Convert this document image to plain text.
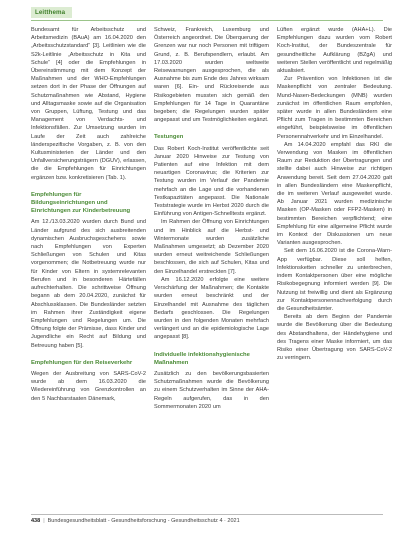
Leitthema

Bundesamt für Arbeitsschutz und Arbeitsmedizin (BAuA) am 16.04.2020 den „Arbeitsschutzstandard“ [3]. Leitlinien wie die S2k-Leitlinie „Arbeitsschutz in Kita und Schule“ [4] oder die Empfehlungen in Übereinstimmung mit dem Konzept der Maßnahmen und der WHO-Empfehlungen setzen dort in der Phase der Öffnungen auf Schutzmaßnahmen wie Abstand, Hygiene und Alltagsmaske sowie auf die Organisation von Gruppen, Lüftung, Testung und das Management von Verdachts- und Infektionsfällen. Zur Umsetzung wurden im Laufe der Zeit auch zahlreiche länderspezifische Vorgaben, z. B. von den Kultusministerien der Länder und den Unfallversicherungsträgern (DGUV), erlassen, die die Empfehlungen für Einrichtungen ergänzen bzw. konkretisieren (Tab. 1).

Empfehlungen für Bildungseinrichtungen und Einrichtungen zur Kinderbetreuung

Am 12./13.03.2020 wurden durch Bund und Länder aufgrund des sich ausbreitenden dynamischen Ausbruchsgeschehens sowie nach Empfehlungen von Experten Schließungen von Schulen und Kitas vorgenommen; die Notbetreuung wurde nur für Kinder von Eltern in systemrelevanten Berufen und in besonderen Härtefällen aufrechterhalten. Die schrittweise Öffnung begann ab dem 20.04.2020, zunächst für Abschlussklassen. Die Bundesländer setzten im Rahmen ihrer Zuständigkeit eigene Empfehlungen und Regelungen um. Die Öffnung folgte der Prämisse, dass Kinder und Jugendliche ein Recht auf Bildung und Betreuung haben [5].

Empfehlungen für den Reiseverkehr

Wegen der Ausbreitung von SARS-CoV-2 wurde ab dem 16.03.2020 die Wiedereinführung von Grenzkontrollen an den 5 Nachbarstaaten Dänemark,

Schweiz, Frankreich, Luxemburg und Österreich angeordnet. Die Überquerung der Grenzen war nur noch Personen mit triftigem Grund, z. B. Berufspendlern, erlaubt. Am 17.03.2020 wurden weltweite Reisewarnungen ausgesprochen, die als Ausnahme bis zum Ende des Jahres wirksam waren [6]. Ein- und Rückreisende aus Risikogebieten mussten sich gemäß den Empfehlungen für 14 Tage in Quarantäne begeben; die Regelungen wurden später angepasst und um Testmöglichkeiten ergänzt.

Testungen

Das Robert Koch-Institut veröffentlichte seit Januar 2020 Hinweise zur Testung von Patienten auf eine Infektion mit dem neuartigen Coronavirus; die Kriterien zur Testung wurden im Verlauf der Pandemie mehrfach an die Lage und die vorhandenen Testkapazitäten angepasst. Die Nationale Teststrategie wurde im Herbst 2020 durch die Einführung von Antigen-Schnelltests ergänzt.

Im Rahmen der Öffnung von Einrichtungen und im Hinblick auf die Herbst- und Wintermonate wurden zusätzliche Maßnahmen umgesetzt; ab Dezember 2020 wurden erneut weitreichende Schließungen beschlossen, die sich auf Schulen, Kitas und den Einzelhandel erstreckten [7].

Am 16.12.2020 erfolgte eine weitere Verschärfung der Maßnahmen; die Kontakte wurden erneut beschränkt und der Einzelhandel mit Ausnahme des täglichen Bedarfs geschlossen. Die Regelungen wurden in den folgenden Monaten mehrfach verlängert und an die epidemiologische Lage angepasst [8].

Individuelle infektionshygienische Maßnahmen

Zusätzlich zu den bevölkerungsbasierten Schutzmaßnahmen wurde die Bevölkerung zu einem Schutzverhalten im Sinne der AHA-Regeln aufgerufen, das in den Sommermonaten 2020 um

Lüften ergänzt wurde (AHA+L). Die Empfehlungen dazu wurden vom Robert Koch-Institut, der Bundeszentrale für gesundheitliche Aufklärung (BZgA) und weiteren Stellen veröffentlicht und regelmäßig aktualisiert.

Zur Prävention von Infektionen ist die Maskenpflicht von zentraler Bedeutung. Mund-Nasen-Bedeckungen (MNB) wurden zunächst im öffentlichen Raum empfohlen, später wurde in allen Bundesländern eine Pflicht zum Tragen in bestimmten Bereichen eingeführt, beispielsweise im öffentlichen Personennahverkehr und im Einzelhandel.

Am 14.04.2020 empfahl das RKI die Verwendung von Masken im öffentlichen Raum zur Reduktion der Übertragungen und stellte dabei auch Hinweise zur richtigen Anwendung bereit. Seit dem 27.04.2020 galt in allen Bundesländern eine Maskenpflicht, die im weiteren Verlauf ausgeweitet wurde. Ab Januar 2021 wurden medizinische Masken (OP-Masken oder FFP2-Masken) in bestimmten Bereichen verpflichtend; eine Empfehlung für eine allgemeine Pflicht wurde im Kontext der Diskussionen um neue Varianten ausgesprochen.

Seit dem 16.06.2020 ist die Corona-Warn-App verfügbar. Diese soll helfen, Infektionsketten schneller zu unterbrechen, indem Kontaktpersonen über eine mögliche Risikobegegnung informiert werden [9]. Die Nutzung ist freiwillig und dient als Ergänzung zur Kontaktpersonennachverfolgung durch die Gesundheitsämter.

Bereits ab dem Beginn der Pandemie wurde die Bevölkerung über die Bedeutung des Abstandhaltens, der Händehygiene und des Tragens einer Maske informiert, um das Risiko einer Übertragung von SARS-CoV-2 zu verringern.

438 | Bundesgesundheitsblatt - Gesundheitsforschung - Gesundheitsschutz 4 · 2021
